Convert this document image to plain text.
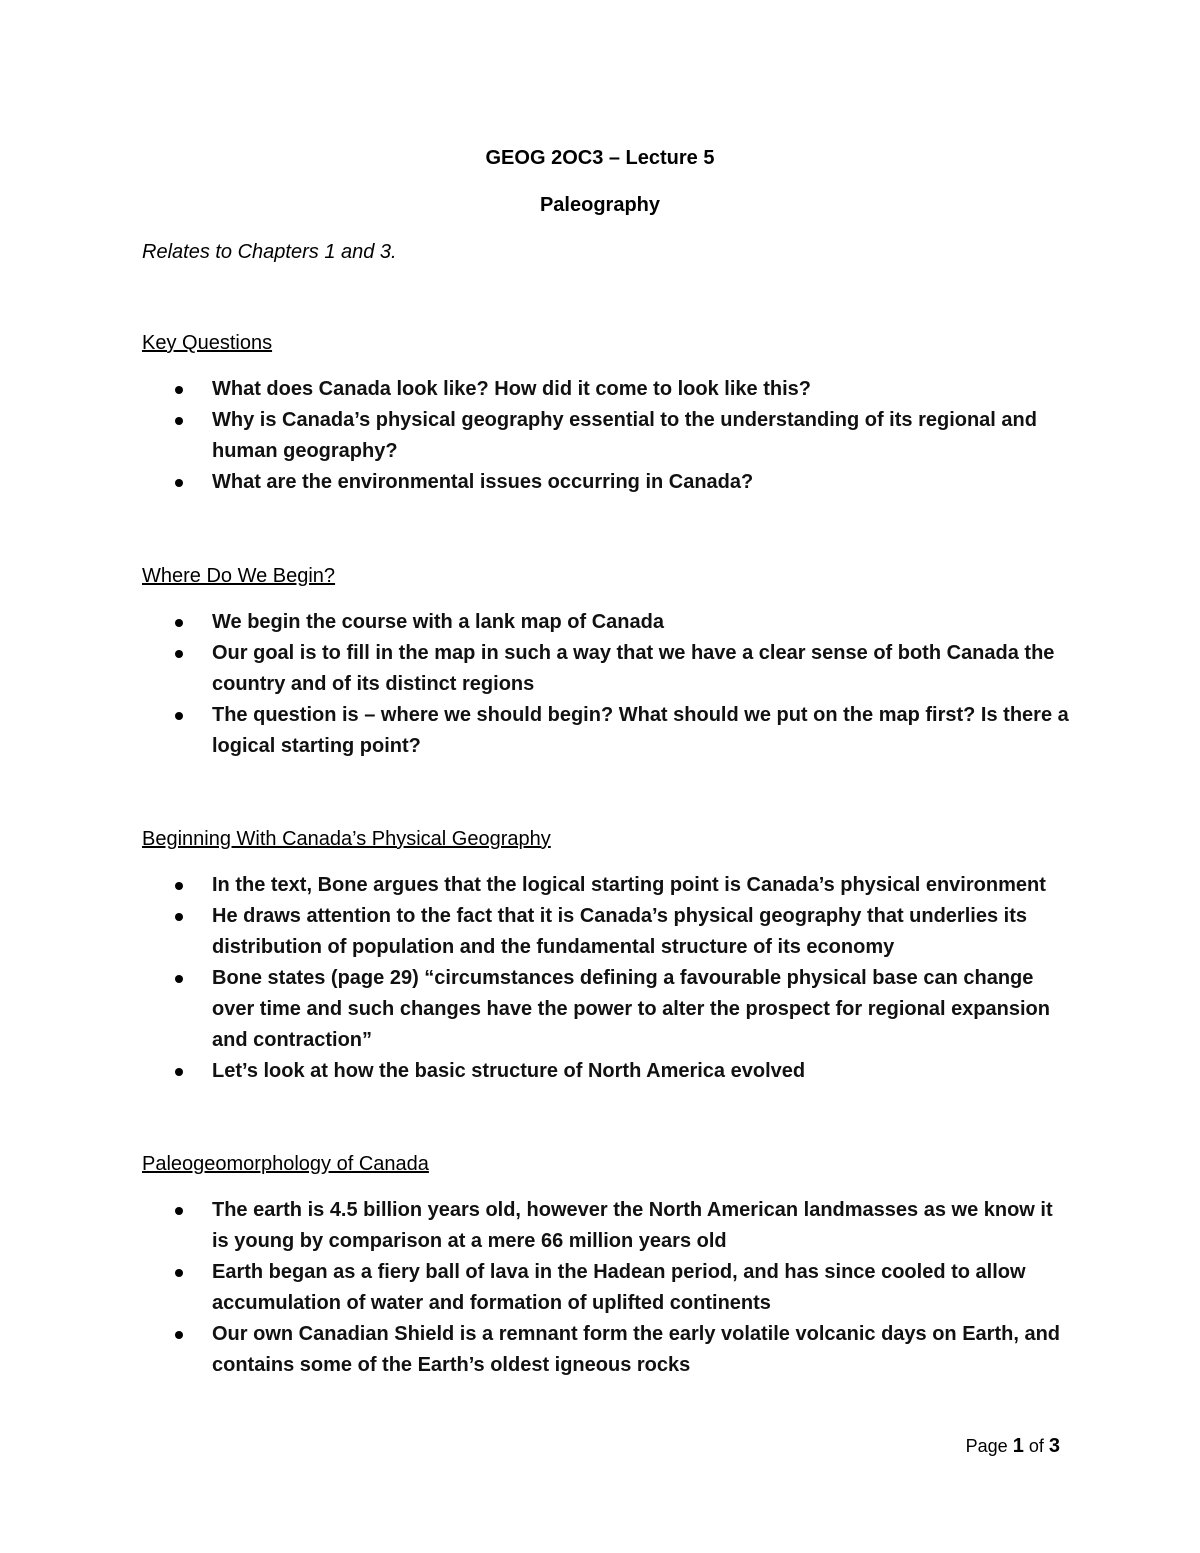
GEOG 2OC3 – Lecture 5
Paleography
Relates to Chapters 1 and 3.
Key Questions
What does Canada look like? How did it come to look like this?
Why is Canada’s physical geography essential to the understanding of its regional and human geography?
What are the environmental issues occurring in Canada?
Where Do We Begin?
We begin the course with a lank map of Canada
Our goal is to fill in the map in such a way that we have a clear sense of both Canada the country and of its distinct regions
The question is – where we should begin? What should we put on the map first? Is there a logical starting point?
Beginning With Canada’s Physical Geography
In the text, Bone argues that the logical starting point is Canada’s physical environment
He draws attention to the fact that it is Canada’s physical geography that underlies its distribution of population and the fundamental structure of its economy
Bone states (page 29) “circumstances defining a favourable physical base can change over time and such changes have the power to alter the prospect for regional expansion and contraction”
Let’s look at how the basic structure of North America evolved
Paleogeomorphology of Canada
The earth is 4.5 billion years old, however the North American landmasses as we know it is young by comparison at a mere 66 million years old
Earth began as a fiery ball of lava in the Hadean period, and has since cooled to allow accumulation of water and formation of uplifted continents
Our own Canadian Shield is a remnant form the early volatile volcanic days on Earth, and contains some of the Earth’s oldest igneous rocks
Page 1 of 3
